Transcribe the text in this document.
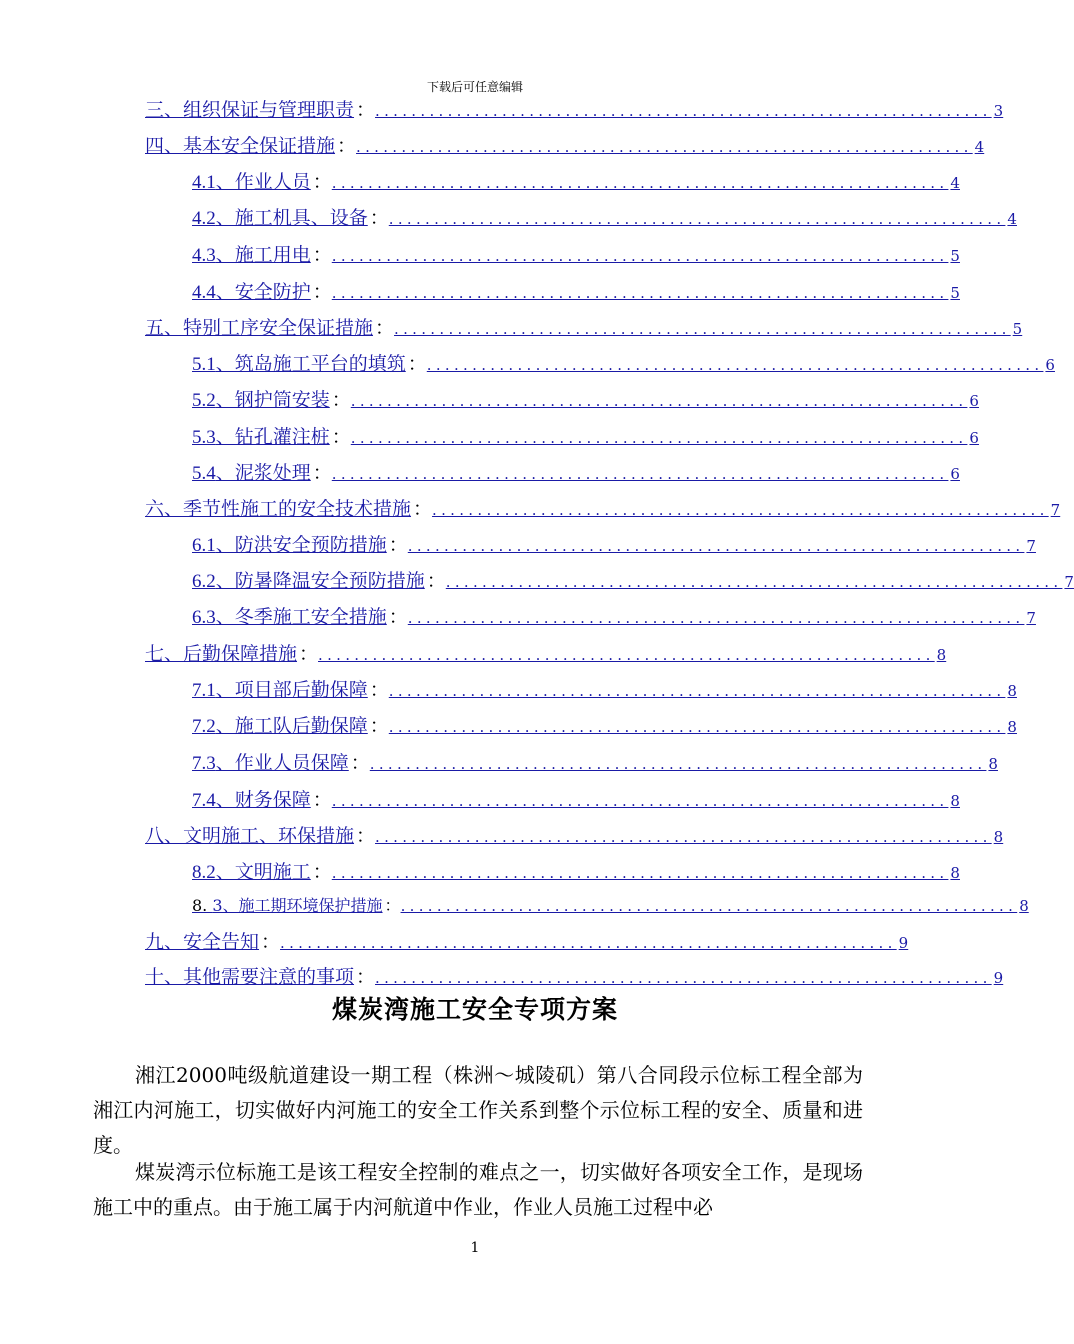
下载后可任意编辑
三、组织保证与管理职责 ： .................................................................... 3
四、基本安全保证措施 ： .................................................................... 4
4.1、作业人员 ： .................................................................... 4
4.2、施工机具、设备 ： .................................................................... 4
4.3、施工用电 ： .................................................................... 5
4.4、安全防护 ： .................................................................... 5
五、特别工序安全保证措施 ： .................................................................... 5
5.1、筑岛施工平台的填筑 ： .................................................................... 6
5.2、钢护筒安装 ： .................................................................... 6
5.3、钻孔灌注桩 ： .................................................................... 6
5.4、泥浆处理 ： .................................................................... 6
六、季节性施工的安全技术措施 ： .................................................................... 7
6.1、防洪安全预防措施 ： .................................................................... 7
6.2、防暑降温安全预防措施 ： .................................................................... 7
6.3、冬季施工安全措施 ： .................................................................... 7
七、后勤保障措施 ： .................................................................... 8
7.1、项目部后勤保障 ： .................................................................... 8
7.2、施工队后勤保障 ： .................................................................... 8
7.3、作业人员保障 ： .................................................................... 8
7.4、财务保障 ： .................................................................... 8
八、文明施工、环保措施 ： .................................................................... 8
8.2、文明施工 ： .................................................................... 8
8. 3、施工期环境保护措施 ： .................................................................... 8
九、安全告知 ： .................................................................... 9
十、其他需要注意的事项 ： .................................................................... 9
煤炭湾施工安全专项方案
湘江2000吨级航道建设一期工程（株洲～城陵矶）第八合同段示位标工程全部为湘江内河施工，切实做好内河施工的安全工作关系到整个示位标工程的安全、质量和进度。
煤炭湾示位标施工是该工程安全控制的难点之一，切实做好各项安全工作，是现场施工中的重点。由于施工属于内河航道中作业，作业人员施工过程中必
1
